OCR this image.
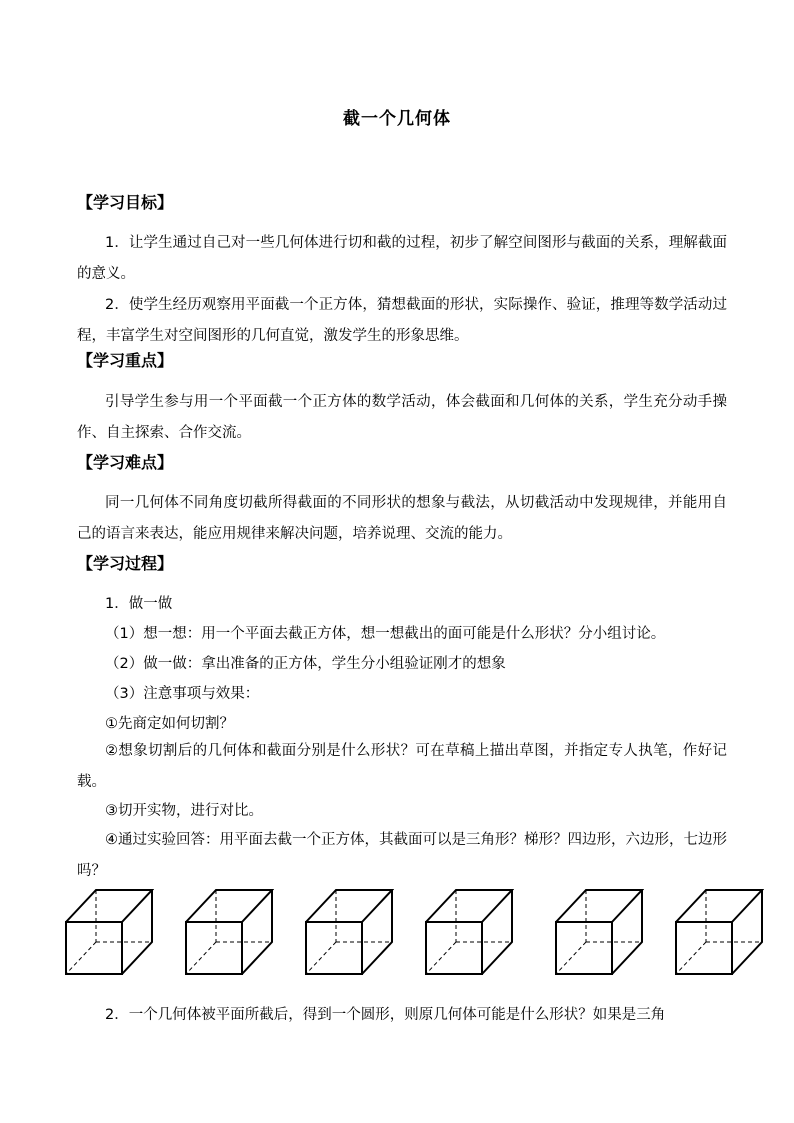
截一个几何体
【学习目标】
1．让学生通过自己对一些几何体进行切和截的过程，初步了解空间图形与截面的关系，理解截面的意义。
2．使学生经历观察用平面截一个正方体，猜想截面的形状，实际操作、验证，推理等数学活动过程，丰富学生对空间图形的几何直觉，激发学生的形象思维。
【学习重点】
引导学生参与用一个平面截一个正方体的数学活动，体会截面和几何体的关系，学生充分动手操作、自主探索、合作交流。
【学习难点】
同一几何体不同角度切截所得截面的不同形状的想象与截法，从切截活动中发现规律，并能用自己的语言来表达，能应用规律来解决问题，培养说理、交流的能力。
【学习过程】
1．做一做
（1）想一想：用一个平面去截正方体，想一想截出的面可能是什么形状？分小组讨论。
（2）做一做：拿出准备的正方体，学生分小组验证刚才的想象
（3）注意事项与效果：
①先商定如何切割？
②想象切割后的几何体和截面分别是什么形状？可在草稿上描出草图，并指定专人执笔，作好记载。
③切开实物，进行对比。
④通过实验回答：用平面去截一个正方体，其截面可以是三角形？梯形？四边形，六边形，七边形吗？
2．一个几何体被平面所截后，得到一个圆形，则原几何体可能是什么形状？如果是三角
